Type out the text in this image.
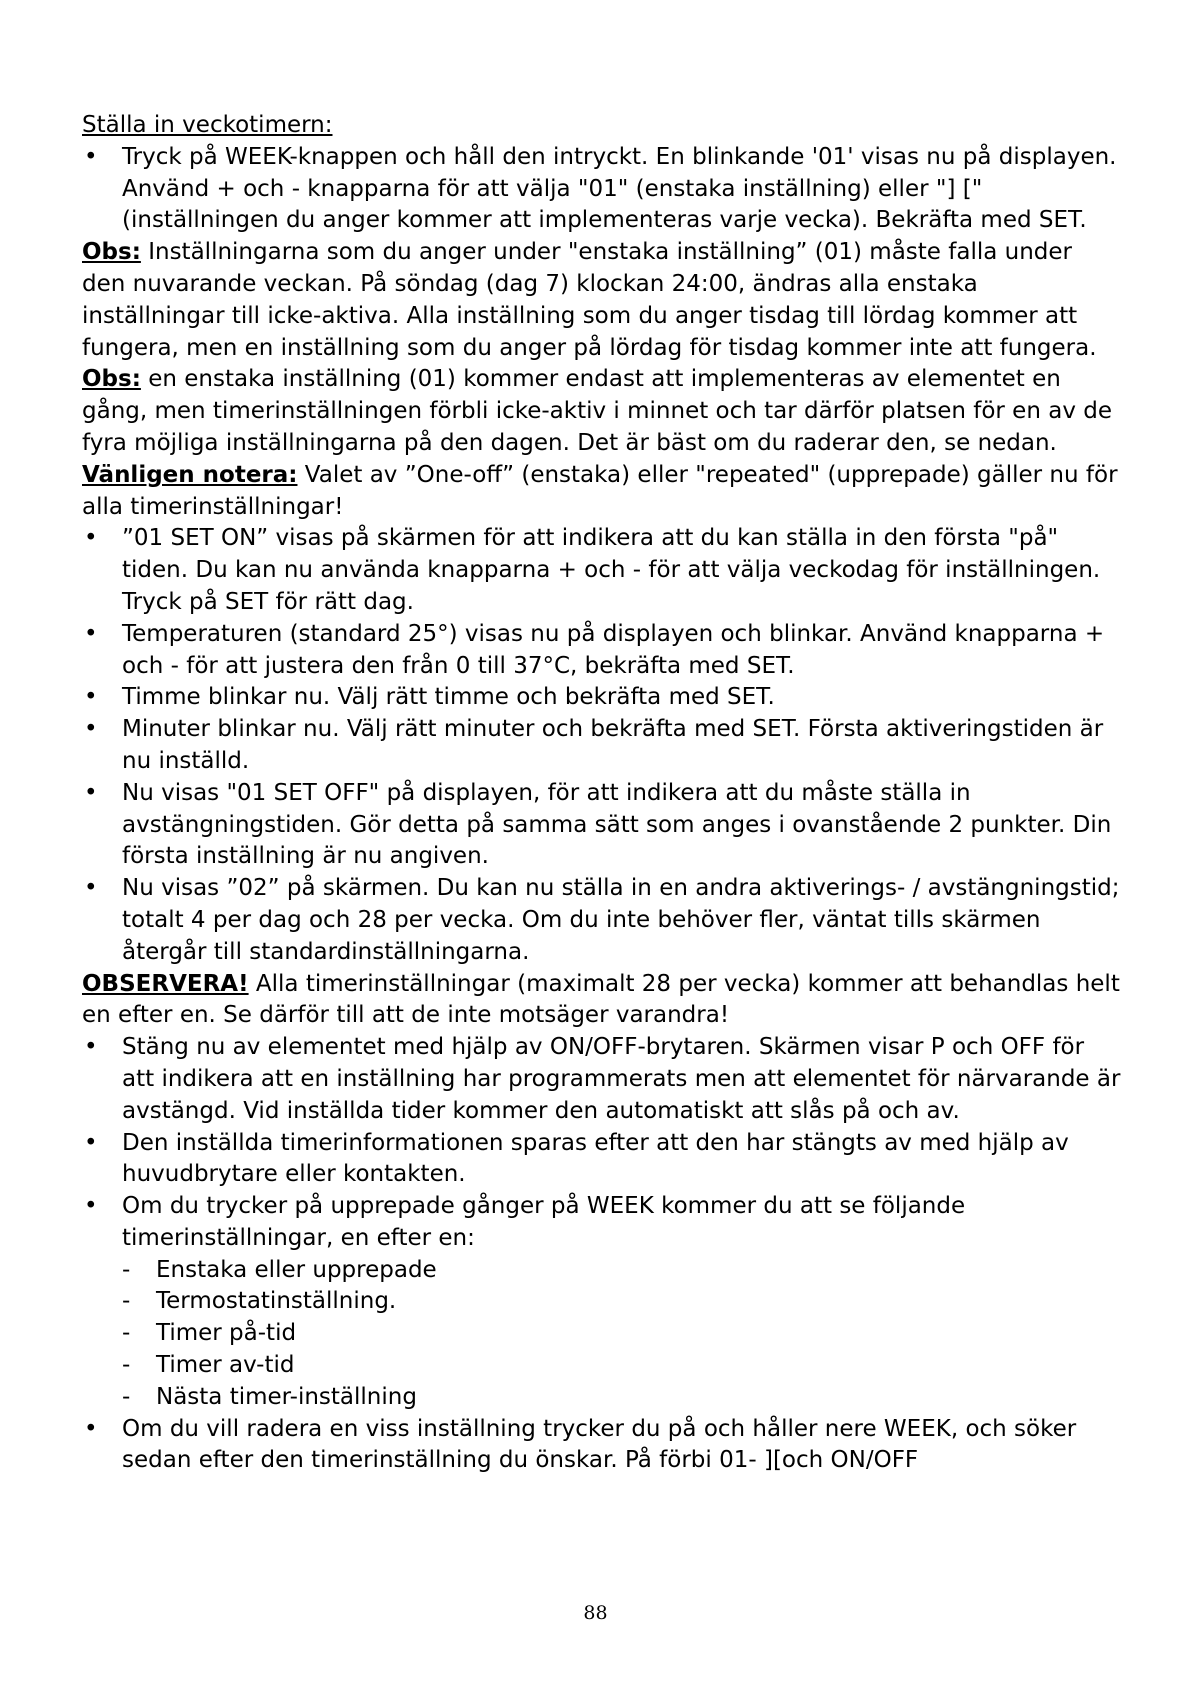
Ställa in veckotimern:

• Tryck på WEEK-knappen och håll den intryckt. En blinkande '01' visas nu på displayen. Använd + och - knapparna för att välja "01" (enstaka inställning) eller "] [" (inställningen du anger kommer att implementeras varje vecka). Bekräfta med SET.

Obs: Inställningarna som du anger under "enstaka inställning” (01) måste falla under den nuvarande veckan. På söndag (dag 7) klockan 24:00, ändras alla enstaka inställningar till icke-aktiva. Alla inställning som du anger tisdag till lördag kommer att fungera, men en inställning som du anger på lördag för tisdag kommer inte att fungera.

Obs: en enstaka inställning (01) kommer endast att implementeras av elementet en gång, men timerinställningen förbli icke-aktiv i minnet och tar därför platsen för en av de fyra möjliga inställningarna på den dagen. Det är bäst om du raderar den, se nedan.

Vänligen notera: Valet av ”One-off” (enstaka) eller "repeated" (upprepade) gäller nu för alla timerinställningar!

• ”01 SET ON” visas på skärmen för att indikera att du kan ställa in den första "på" tiden. Du kan nu använda knapparna + och - för att välja veckodag för inställningen. Tryck på SET för rätt dag.
• Temperaturen (standard 25°) visas nu på displayen och blinkar. Använd knapparna + och - för att justera den från 0 till 37°C, bekräfta med SET.
• Timme blinkar nu. Välj rätt timme och bekräfta med SET.
• Minuter blinkar nu. Välj rätt minuter och bekräfta med SET. Första aktiveringstiden är nu inställd.
• Nu visas "01 SET OFF" på displayen, för att indikera att du måste ställa in avstängningstiden. Gör detta på samma sätt som anges i ovanstående 2 punkter. Din första inställning är nu angiven.
• Nu visas ”02” på skärmen. Du kan nu ställa in en andra aktiverings- / avstängningstid; totalt 4 per dag och 28 per vecka. Om du inte behöver fler, väntat tills skärmen återgår till standardinställningarna.

OBSERVERA! Alla timerinställningar (maximalt 28 per vecka) kommer att behandlas helt en efter en. Se därför till att de inte motsäger varandra!

• Stäng nu av elementet med hjälp av ON/OFF-brytaren. Skärmen visar P och OFF för att indikera att en inställning har programmerats men att elementet för närvarande är avstängd. Vid inställda tider kommer den automatiskt att slås på och av.
• Den inställda timerinformationen sparas efter att den har stängts av med hjälp av huvudbrytare eller kontakten.
• Om du trycker på upprepade gånger på WEEK kommer du att se följande timerinställningar, en efter en:
- Enstaka eller upprepade
- Termostatinställning.
- Timer på-tid
- Timer av-tid
- Nästa timer-inställning
• Om du vill radera en viss inställning trycker du på och håller nere WEEK, och söker sedan efter den timerinställning du önskar. På förbi 01- ][och ON/OFF
88
